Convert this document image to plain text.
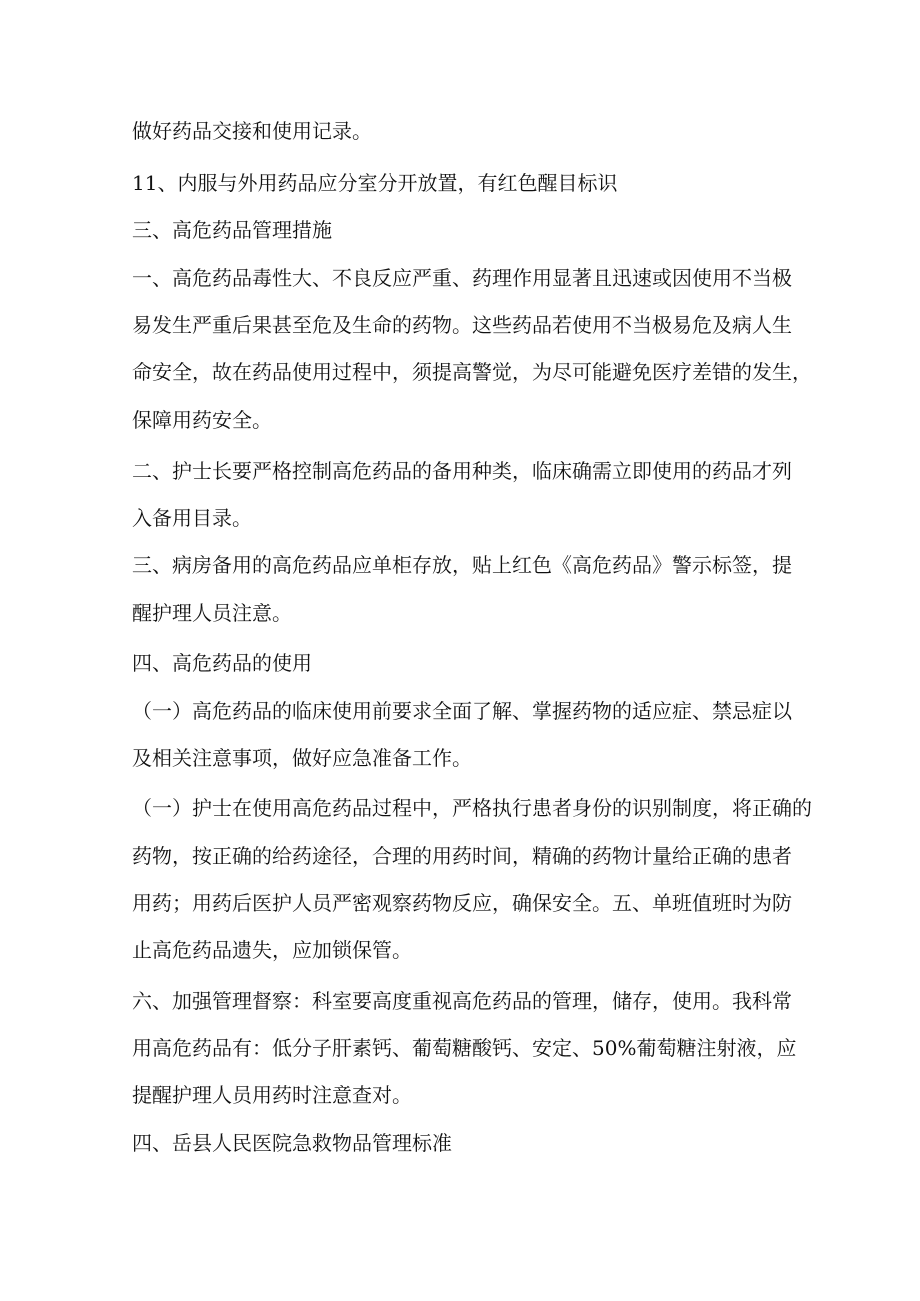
做好药品交接和使用记录。

11、内服与外用药品应分室分开放置，有红色醒目标识

三、高危药品管理措施

一、高危药品毒性大、不良反应严重、药理作用显著且迅速或因使用不当极

易发生严重后果甚至危及生命的药物。这些药品若使用不当极易危及病人生

命安全，故在药品使用过程中，须提高警觉，为尽可能避免医疗差错的发生，

保障用药安全。

二、护士长要严格控制高危药品的备用种类，临床确需立即使用的药品才列

入备用目录。

三、病房备用的高危药品应单柜存放，贴上红色《高危药品》警示标签，提

醒护理人员注意。

四、高危药品的使用

（一）高危药品的临床使用前要求全面了解、掌握药物的适应症、禁忌症以

及相关注意事项，做好应急准备工作。

（一）护士在使用高危药品过程中，严格执行患者身份的识别制度，将正确的

药物，按正确的给药途径，合理的用药时间，精确的药物计量给正确的患者

用药；用药后医护人员严密观察药物反应，确保安全。五、单班值班时为防

止高危药品遗失，应加锁保管。

六、加强管理督察：科室要高度重视高危药品的管理，储存，使用。我科常

用高危药品有：低分子肝素钙、葡萄糖酸钙、安定、50%葡萄糖注射液，应

提醒护理人员用药时注意查对。

四、岳县人民医院急救物品管理标准
